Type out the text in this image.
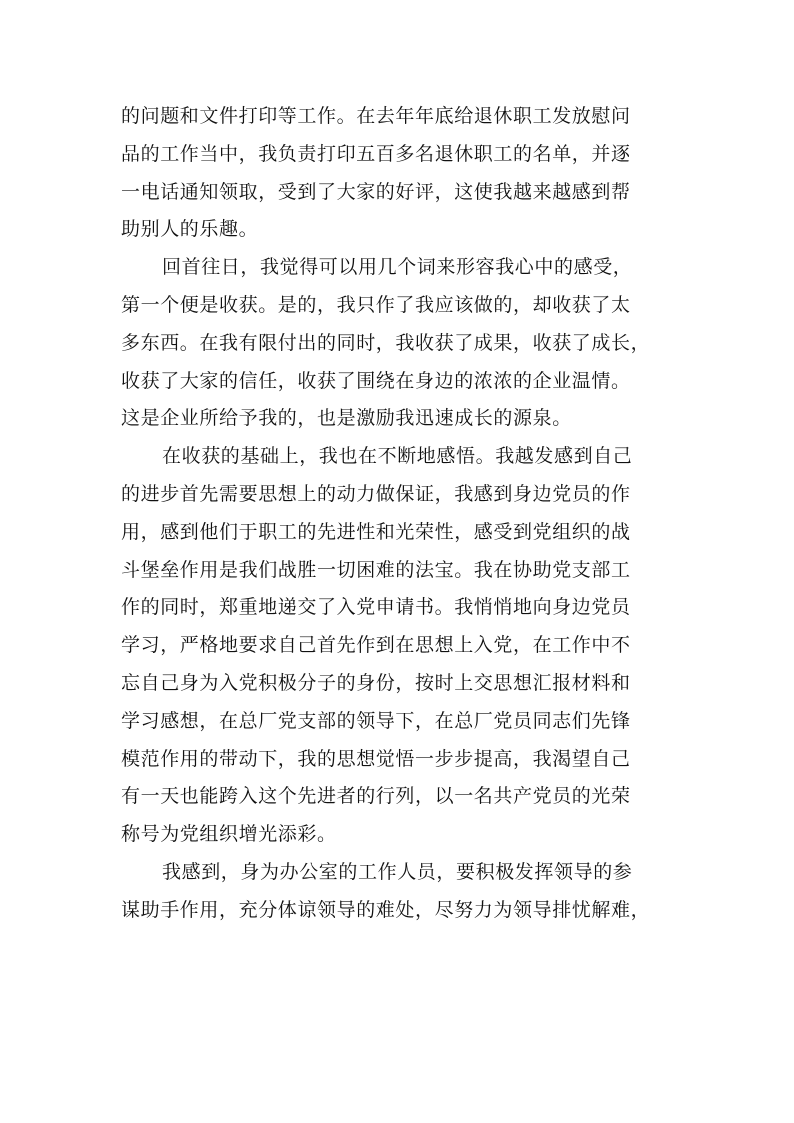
的问题和文件打印等工作。在去年年底给退休职工发放慰问
品的工作当中，我负责打印五百多名退休职工的名单，并逐
一电话通知领取，受到了大家的好评，这使我越来越感到帮
助别人的乐趣。
回首往日，我觉得可以用几个词来形容我心中的感受，
第一个便是收获。是的，我只作了我应该做的，却收获了太
多东西。在我有限付出的同时，我收获了成果，收获了成长，
收获了大家的信任，收获了围绕在身边的浓浓的企业温情。
这是企业所给予我的，也是激励我迅速成长的源泉。
在收获的基础上，我也在不断地感悟。我越发感到自己
的进步首先需要思想上的动力做保证，我感到身边党员的作
用，感到他们于职工的先进性和光荣性，感受到党组织的战
斗堡垒作用是我们战胜一切困难的法宝。我在协助党支部工
作的同时，郑重地递交了入党申请书。我悄悄地向身边党员
学习，严格地要求自己首先作到在思想上入党，在工作中不
忘自己身为入党积极分子的身份，按时上交思想汇报材料和
学习感想，在总厂党支部的领导下，在总厂党员同志们先锋
模范作用的带动下，我的思想觉悟一步步提高，我渴望自己
有一天也能跨入这个先进者的行列，以一名共产党员的光荣
称号为党组织增光添彩。
我感到，身为办公室的工作人员，要积极发挥领导的参
谋助手作用，充分体谅领导的难处，尽努力为领导排忧解难，
